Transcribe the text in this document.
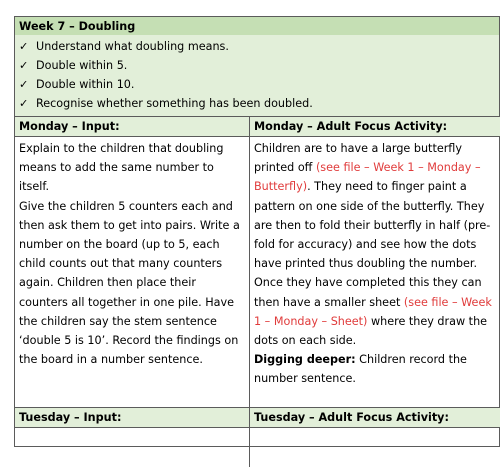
Week 7 – Doubling
✓ Understand what doubling means.
✓ Double within 5.
✓ Double within 10.
✓ Recognise whether something has been doubled.
Monday – Input:

Explain to the children that doubling means to add the same number to itself.

Give the children 5 counters each and then ask them to get into pairs. Write a number on the board (up to 5, each child counts out that many counters again. Children then place their counters all together in one pile. Have the children say the stem sentence ‘double 5 is 10’. Record the findings on the board in a number sentence.

Monday – Adult Focus Activity:

Children are to have a large butterfly printed off (see file – Week 1 – Monday – Butterfly). They need to finger paint a pattern on one side of the butterfly. They are then to fold their butterfly in half (pre-fold for accuracy) and see how the dots have printed thus doubling the number.

Once they have completed this they can then have a smaller sheet (see file – Week 1 – Monday – Sheet) where they draw the dots on each side.

Digging deeper: Children record the number sentence.

Tuesday – Input:	Tuesday – Adult Focus Activity:
